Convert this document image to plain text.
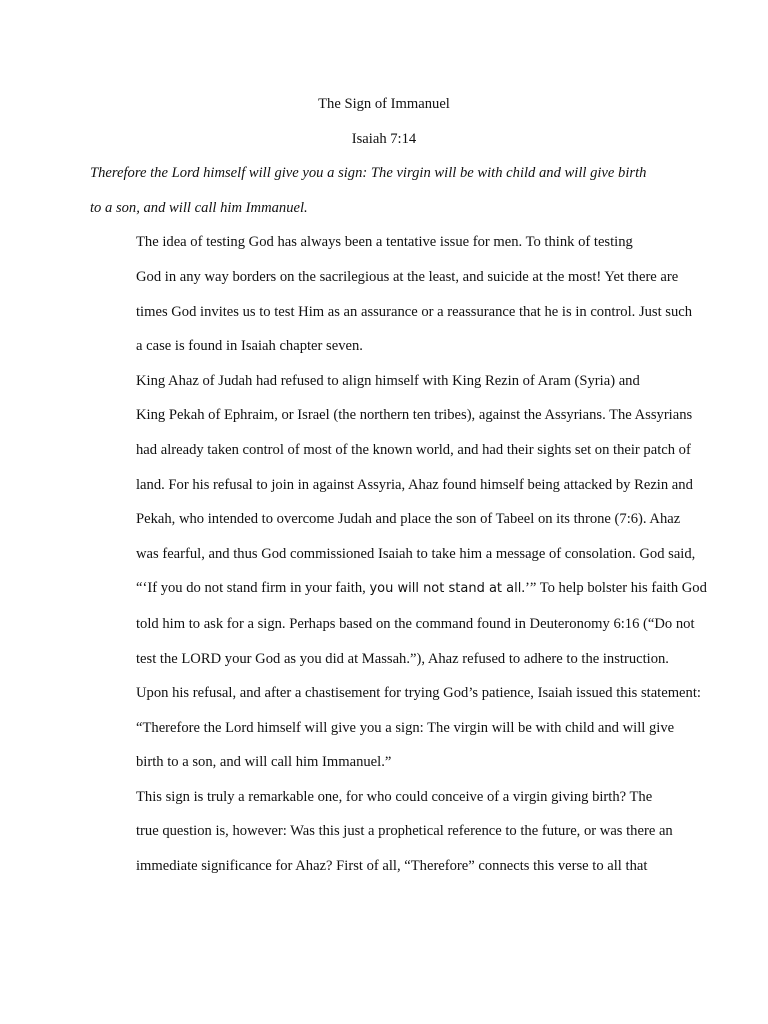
The Sign of Immanuel

Isaiah 7:14

Therefore the Lord himself will give you a sign: The virgin will be with child and will give birth
to a son, and will call him Immanuel.

The idea of testing God has always been a tentative issue for men. To think of testing
God in any way borders on the sacrilegious at the least, and suicide at the most! Yet there are
times God invites us to test Him as an assurance or a reassurance that he is in control. Just such
a case is found in Isaiah chapter seven.

King Ahaz of Judah had refused to align himself with King Rezin of Aram (Syria) and
King Pekah of Ephraim, or Israel (the northern ten tribes), against the Assyrians. The Assyrians
had already taken control of most of the known world, and had their sights set on their patch of
land. For his refusal to join in against Assyria, Ahaz found himself being attacked by Rezin and
Pekah, who intended to overcome Judah and place the son of Tabeel on its throne (7:6). Ahaz
was fearful, and thus God commissioned Isaiah to take him a message of consolation. God said,
“‘If you do not stand firm in your faith, you will not stand at all.’” To help bolster his faith God
told him to ask for a sign. Perhaps based on the command found in Deuteronomy 6:16 (“Do not
test the LORD your God as you did at Massah.”), Ahaz refused to adhere to the instruction.
Upon his refusal, and after a chastisement for trying God’s patience, Isaiah issued this statement:
“Therefore the Lord himself will give you a sign: The virgin will be with child and will give
birth to a son, and will call him Immanuel.”

This sign is truly a remarkable one, for who could conceive of a virgin giving birth? The
true question is, however: Was this just a prophetical reference to the future, or was there an
immediate significance for Ahaz? First of all, “Therefore” connects this verse to all that
